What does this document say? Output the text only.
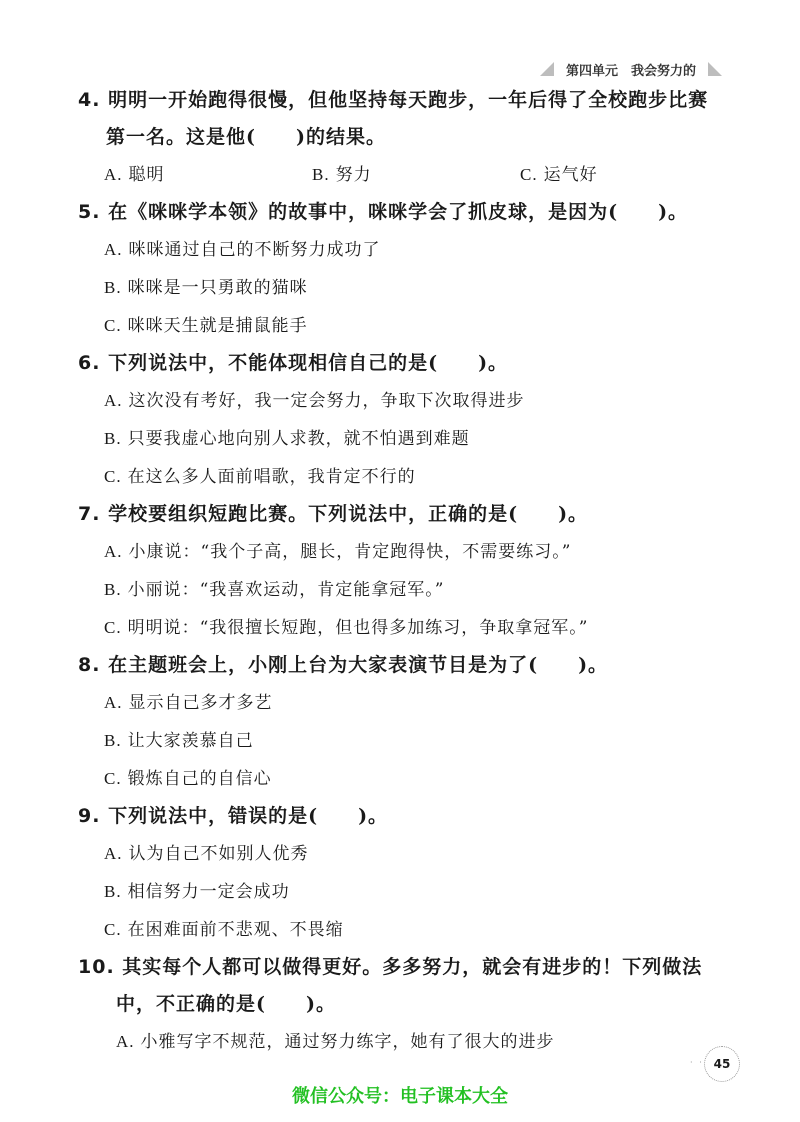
第四单元　我会努力的
4. 明明一开始跑得很慢，但他坚持每天跑步，一年后得了全校跑步比赛
第一名。这是他(　　)的结果。
A. 聪明	B. 努力	C. 运气好
5. 在《咪咪学本领》的故事中，咪咪学会了抓皮球，是因为(　　)。
A. 咪咪通过自己的不断努力成功了
B. 咪咪是一只勇敢的猫咪
C. 咪咪天生就是捕鼠能手
6. 下列说法中，不能体现相信自己的是(　　)。
A. 这次没有考好，我一定会努力，争取下次取得进步
B. 只要我虚心地向别人求教，就不怕遇到难题
C. 在这么多人面前唱歌，我肯定不行的
7. 学校要组织短跑比赛。下列说法中，正确的是(　　)。
A. 小康说：“我个子高，腿长，肯定跑得快，不需要练习。”
B. 小丽说：“我喜欢运动，肯定能拿冠军。”
C. 明明说：“我很擅长短跑，但也得多加练习，争取拿冠军。”
8. 在主题班会上，小刚上台为大家表演节目是为了(　　)。
A. 显示自己多才多艺
B. 让大家羡慕自己
C. 锻炼自己的自信心
9. 下列说法中，错误的是(　　)。
A. 认为自己不如别人优秀
B. 相信努力一定会成功
C. 在困难面前不悲观、不畏缩
10. 其实每个人都可以做得更好。多多努力，就会有进步的！下列做法
中，不正确的是(　　)。
A. 小雅写字不规范，通过努力练字，她有了很大的进步
· · 45
微信公众号：电子课本大全
